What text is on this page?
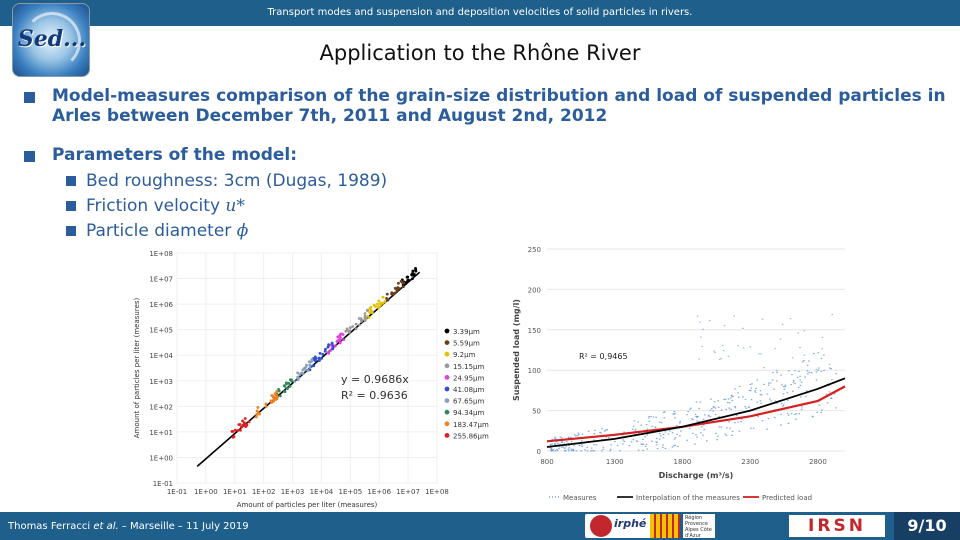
Transport modes and suspension and deposition velocities of solid particles in rivers.
Sed...
Application to the Rhône River
Model-measures comparison of the grain-size distribution and load of suspended particles in
Arles between December 7th, 2011 and August 2nd, 2012
Parameters of the model:
Bed roughness: 3cm (Dugas, 1989)
Friction velocity u*
Particle diameter ϕ
1E-01 1E+00 1E+01 1E+02 1E+03 1E+04 1E+05 1E+06 1E+07 1E+08
1E+08
1E+07
1E+06
1E+05
1E+04
1E+03
1E+02
1E+01
1E+00
1E-01
Amount of particles per liter (measures)
Amount of particles per liter (measures)	y = 0.9686x
R² = 0.9636
3.39µm
5.59µm
9.2µm
15.15µm
24.95µm
41.08µm
67.65µm
94.34µm
183.47µm
255.86µm
250
200
150
100
50
0
800	1300	1800	2300	2800
Discharge (m³/s)
Suspended load (mg/l)	R² = 0,9465
Measures	Interpolation of the measures	Predicted load
Thomas Ferracci et al. – Marseille – 11 July 2019	irphé	Région Provence Alpes Côte d'Azur	IRSN	9/10
